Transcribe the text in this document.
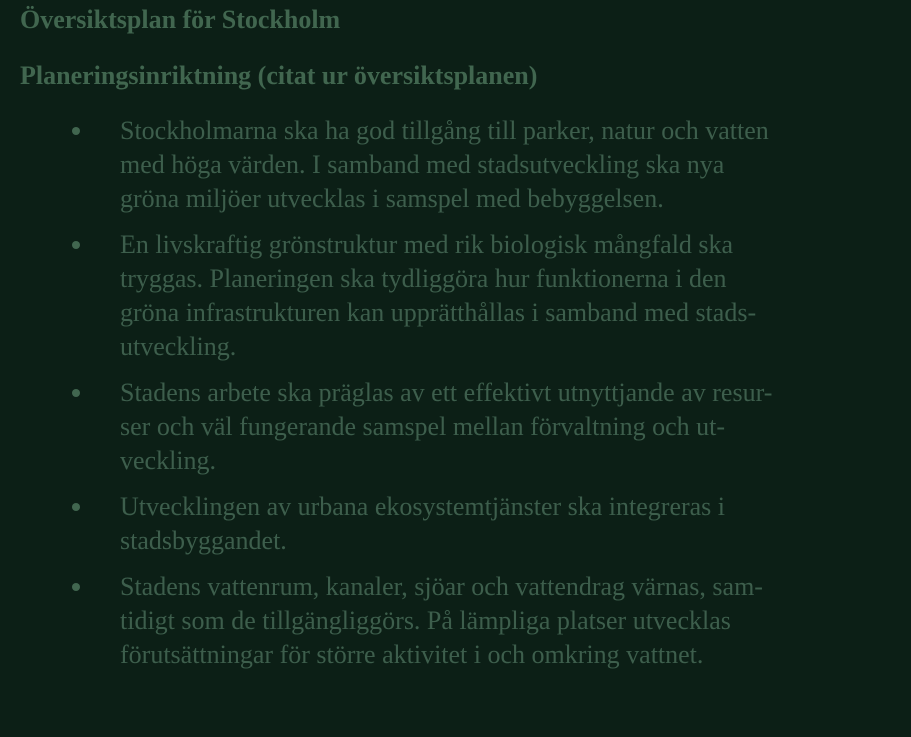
Översiktsplan för Stockholm
Planeringsinriktning (citat ur översiktsplanen)
Stockholmarna ska ha god tillgång till parker, natur och vatten
med höga värden. I samband med stadsutveckling ska nya
gröna miljöer utvecklas i samspel med bebyggelsen.
En livskraftig grönstruktur med rik biologisk mångfald ska
tryggas. Planeringen ska tydliggöra hur funktionerna i den
gröna infrastrukturen kan upprätthållas i samband med stads-
utveckling.
Stadens arbete ska präglas av ett effektivt utnyttjande av resur-
ser och väl fungerande samspel mellan förvaltning och ut-
veckling.
Utvecklingen av urbana ekosystemtjänster ska integreras i
stadsbyggandet.
Stadens vattenrum, kanaler, sjöar och vattendrag värnas, sam-
tidigt som de tillgängliggörs. På lämpliga platser utvecklas
förutsättningar för större aktivitet i och omkring vattnet.
